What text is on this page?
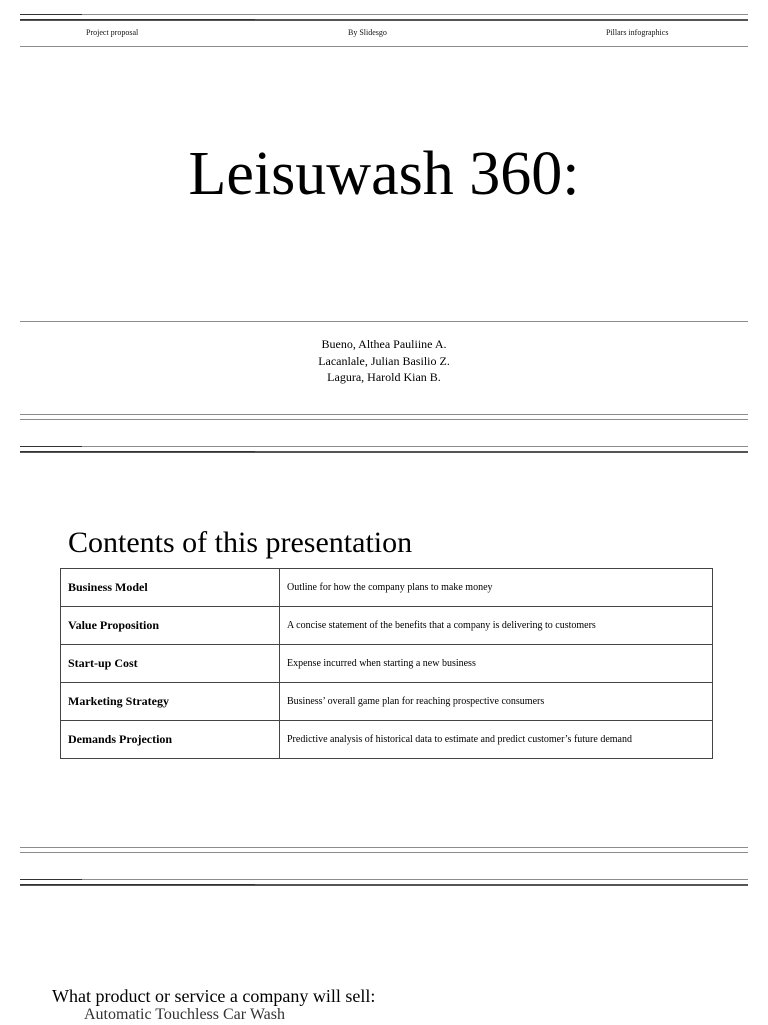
Project proposal	By Slidesgo	Pillars infographics
Leisuwash 360:
Bueno, Althea Pauliine A.
Lacanlale, Julian Basilio Z.
Lagura, Harold Kian B.
Contents of this presentation
Business Model	Outline for how the company plans to make money
Value Proposition	A concise statement of the benefits that a company is delivering to customers
Start-up Cost	Expense incurred when starting a new business
Marketing Strategy	Business’ overall game plan for reaching prospective consumers
Demands Projection	Predictive analysis of historical data to estimate and predict customer’s future demand
What product or service a company will sell:
Automatic Touchless Car Wash
